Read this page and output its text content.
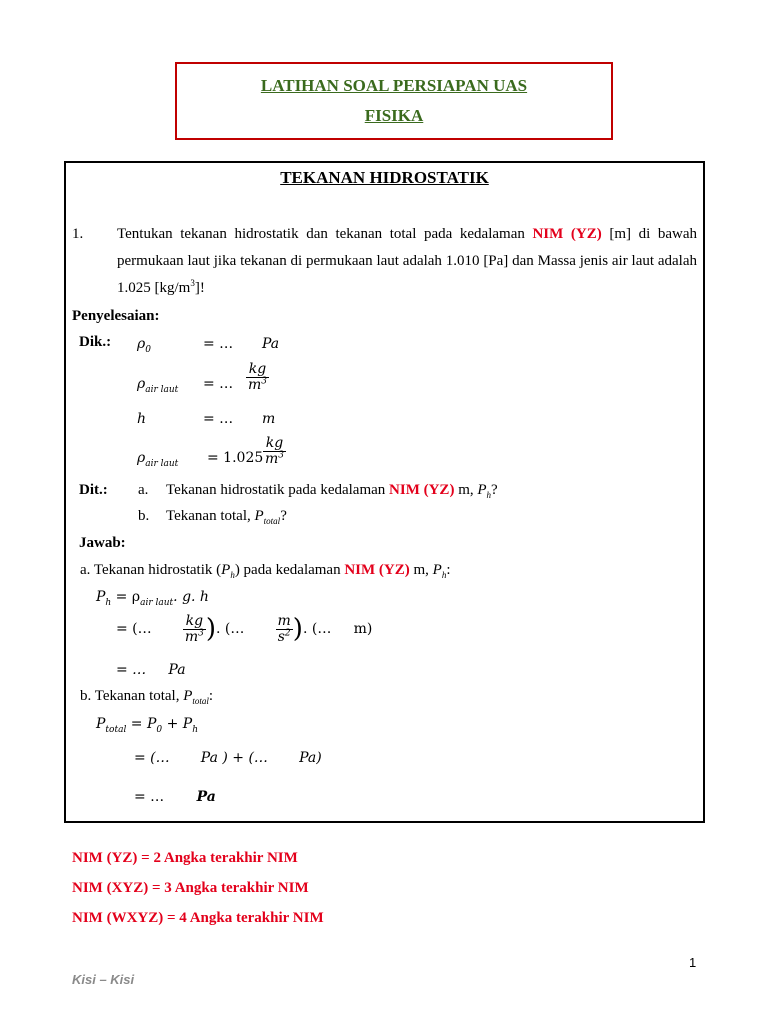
LATIHAN SOAL PERSIAPAN UAS
FISIKA
TEKANAN HIDROSTATIK
1. Tentukan tekanan hidrostatik dan tekanan total pada kedalaman NIM (YZ) [m] di bawah
permukaan laut jika tekanan di permukaan laut adalah 1.010 [Pa] dan Massa jenis air laut adalah
1.025 $[kg/m^3]$!
Penyelesaian:
Dik.: $\rho_0$	= … Pa
$\rho_{air laut}$ = … $\frac{kg}{m^3}$
h	= … m
$\rho_{air laut} = 1.025 \frac{kg}{m^3}$
Dit.: a. Tekanan hidrostatik pada kedalaman NIM (YZ) m, $P_h$?
b. Tekanan total, $P_{total}$?
Jawab:
a. Tekanan hidrostatik $(P_h)$ pada kedalaman NIM (YZ) m, $P_h$:
$P_h = \rho_{air laut}$. g. h
= (… $\frac{kg}{m^3}$ ). (… $\frac{m}{s^2}$ ). (…     m)
= …     Pa
b. Tekanan total, $P_{total}$:
$P_{total} = P_0 + P_h$
= (…       Pa ) + (…       Pa)
= … Pa
NIM (YZ) = 2 Angka terakhir NIM
NIM (XYZ) = 3 Angka terakhir NIM
NIM (WXYZ) = 4 Angka terakhir NIM
1
Kisi – Kisi
